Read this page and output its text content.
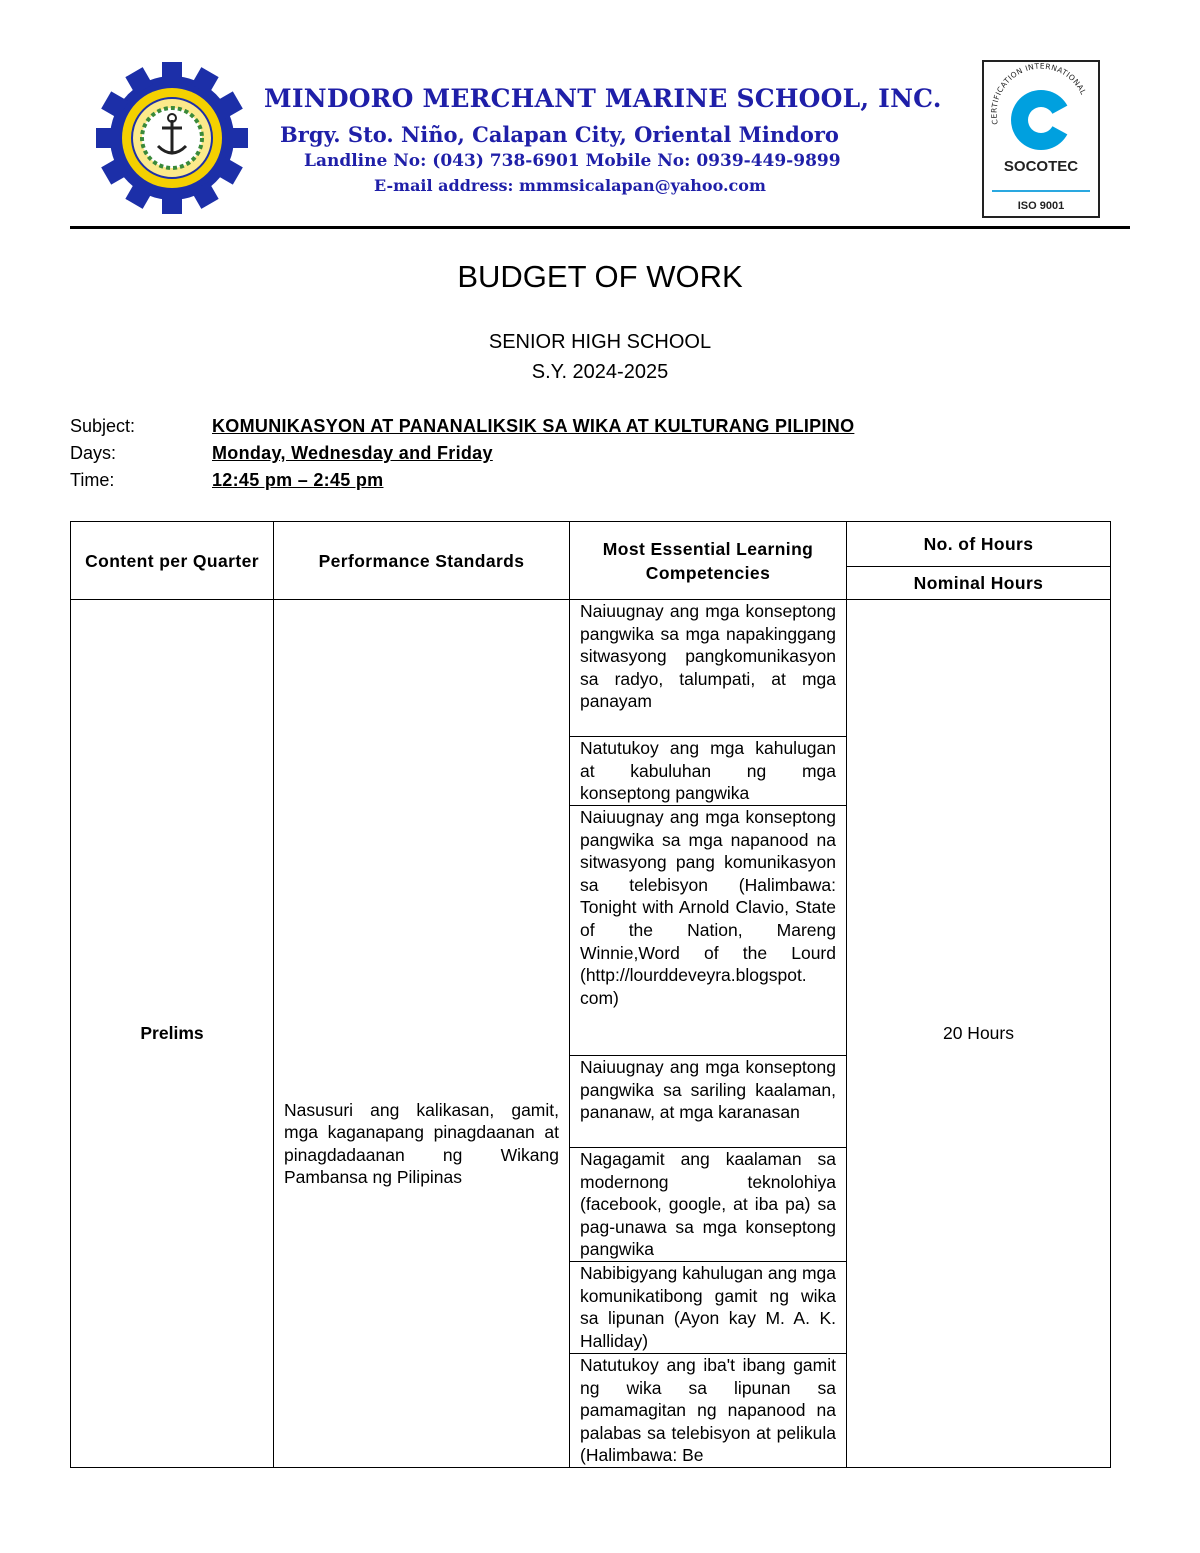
MINDORO MERCHANT MARINE SCHOOL, INC.
Brgy. Sto. Niño, Calapan City, Oriental Mindoro
Landline No: (043) 738-6901 Mobile No: 0939-449-9899
E-mail address: mmmsicalapan@yahoo.com
CERTIFICATION INTERNATIONAL
SOCOTEC
ISO 9001
BUDGET OF WORK
SENIOR HIGH SCHOOL
S.Y. 2024-2025
Subject:	KOMUNIKASYON AT PANANALIKSIK SA WIKA AT KULTURANG PILIPINO
Days:	Monday, Wednesday and Friday
Time:	12:45 pm – 2:45 pm
Content per Quarter	Performance Standards	Most Essential Learning Competencies	No. of Hours
			Nominal Hours
Prelims	Nasusuri ang kalikasan, gamit, mga kaganapang pinagdaanan at pinagdadaanan ng Wikang Pambansa ng Pilipinas	Naiuugnay ang mga konseptong pangwika sa mga napakinggang sitwasyong pangkomunikasyon sa radyo, talumpati, at mga panayam	20 Hours

		Natutukoy ang mga kahulugan at kabuluhan ng mga konseptong pangwika	

		Naiuugnay ang mga konseptong pangwika sa mga napanood na sitwasyong pang komunikasyon sa telebisyon (Halimbawa: Tonight with Arnold Clavio, State of the Nation, Mareng Winnie,Word of the Lourd (http://lourddeveyra.blogspot. com)	

		Naiuugnay ang mga konseptong pangwika sa sariling kaalaman, pananaw, at mga karanasan	

		Nagagamit ang kaalaman sa modernong teknolohiya (facebook, google, at iba pa) sa pag-unawa sa mga konseptong pangwika	

		Nabibigyang kahulugan ang mga komunikatibong gamit ng wika sa lipunan (Ayon kay M. A. K. Halliday)	

		Natutukoy ang iba't ibang gamit ng wika sa lipunan sa pamamagitan ng napanood na palabas sa telebisyon at pelikula (Halimbawa: Be	
